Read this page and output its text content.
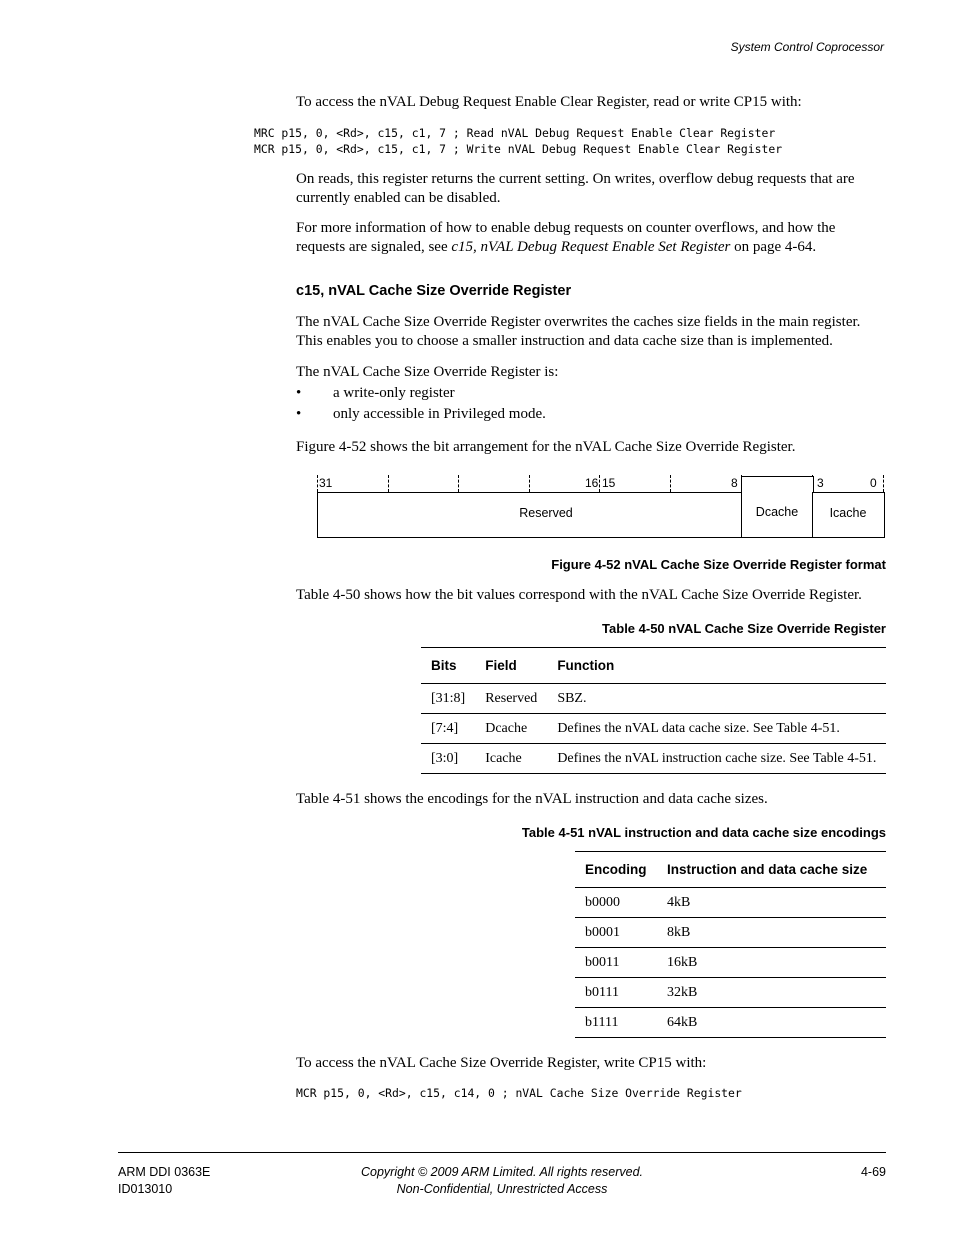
System Control Coprocessor
To access the nVAL Debug Request Enable Clear Register, read or write CP15 with:
MRC p15, 0, <Rd>, c15, c1, 7 ; Read nVAL Debug Request Enable Clear Register
MCR p15, 0, <Rd>, c15, c1, 7 ; Write nVAL Debug Request Enable Clear Register
On reads, this register returns the current setting. On writes, overflow debug requests that are
currently enabled can be disabled.
For more information of how to enable debug requests on counter overflows, and how the
requests are signaled, see c15, nVAL Debug Request Enable Set Register on page 4-64.
c15, nVAL Cache Size Override Register
The nVAL Cache Size Override Register overwrites the caches size fields in the main register.
This enables you to choose a smaller instruction and data cache size than is implemented.
The nVAL Cache Size Override Register is:
• a write-only register
• only accessible in Privileged mode.
Figure 4-52 shows the bit arrangement for the nVAL Cache Size Override Register.
31	16 15	8	3	0
Reserved	Dcache	Icache
Figure 4-52 nVAL Cache Size Override Register format
Table 4-50 shows how the bit values correspond with the nVAL Cache Size Override Register.
Table 4-50 nVAL Cache Size Override Register
Bits	Field	Function
[31:8]	Reserved	SBZ.
[7:4]	Dcache	Defines the nVAL data cache size. See Table 4-51.
[3:0]	Icache	Defines the nVAL instruction cache size. See Table 4-51.
Table 4-51 shows the encodings for the nVAL instruction and data cache sizes.
Table 4-51 nVAL instruction and data cache size encodings
Encoding	Instruction and data cache size
b0000	4kB
b0001	8kB
b0011	16kB
b0111	32kB
b1111	64kB
To access the nVAL Cache Size Override Register, write CP15 with:
MCR p15, 0, <Rd>, c15, c14, 0 ; nVAL Cache Size Override Register
ARM DDI 0363E
ID013010
Copyright © 2009 ARM Limited. All rights reserved.
Non-Confidential, Unrestricted Access
4-69
